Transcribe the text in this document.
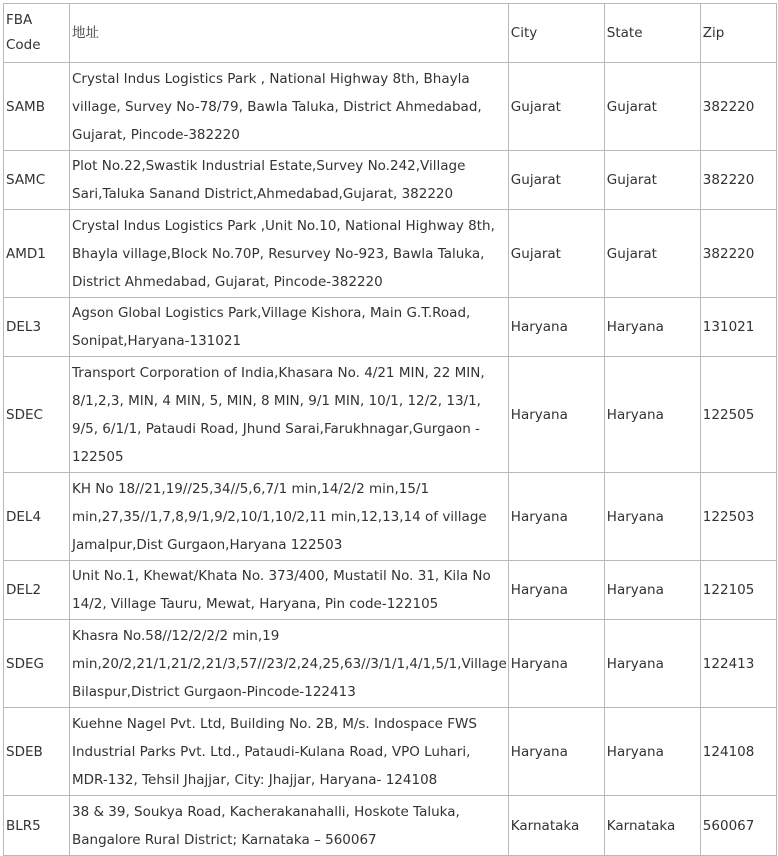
FBA Code	地址	City	State	Zip
SAMB	Crystal Indus Logistics Park , National Highway 8th, Bhayla village, Survey No-78/79, Bawla Taluka, District Ahmedabad, Gujarat, Pincode-382220	Gujarat	Gujarat	382220
SAMC	Plot No.22,Swastik Industrial Estate,Survey No.242,Village Sari,Taluka Sanand District,Ahmedabad,Gujarat, 382220	Gujarat	Gujarat	382220
AMD1	Crystal Indus Logistics Park ,Unit No.10, National Highway 8th, Bhayla village,Block No.70P, Resurvey No-923, Bawla Taluka, District Ahmedabad, Gujarat, Pincode-382220	Gujarat	Gujarat	382220
DEL3	Agson Global Logistics Park,Village Kishora, Main G.T.Road, Sonipat,Haryana-131021	Haryana	Haryana	131021
SDEC	Transport Corporation of India,Khasara No. 4/21 MIN, 22 MIN, 8/1,2,3, MIN, 4 MIN, 5, MIN, 8 MIN, 9/1 MIN, 10/1, 12/2, 13/1, 9/5, 6/1/1, Pataudi Road, Jhund Sarai,Farukhnagar,Gurgaon - 122505	Haryana	Haryana	122505
DEL4	KH No 18//21,19//25,34//5,6,7/1 min,14/2/2 min,15/1 min,27,35//1,7,8,9/1,9/2,10/1,10/2,11 min,12,13,14 of village Jamalpur,Dist Gurgaon,Haryana 122503	Haryana	Haryana	122503
DEL2	Unit No.1, Khewat/Khata No. 373/400, Mustatil No. 31, Kila No 14/2, Village Tauru, Mewat, Haryana, Pin code-122105	Haryana	Haryana	122105
SDEG	Khasra No.58//12/2/2/2 min,19 min,20/2,21/1,21/2,21/3,57//23/2,24,25,63//3/1/1,4/1,5/1,Village Bilaspur,District Gurgaon-Pincode-122413	Haryana	Haryana	122413
SDEB	Kuehne Nagel Pvt. Ltd, Building No. 2B, M/s. Indospace FWS Industrial Parks Pvt. Ltd., Pataudi-Kulana Road, VPO Luhari, MDR-132, Tehsil Jhajjar, City: Jhajjar, Haryana- 124108	Haryana	Haryana	124108
BLR5	38 & 39, Soukya Road, Kacherakanahalli, Hoskote Taluka, Bangalore Rural District; Karnataka – 560067	Karnataka	Karnataka	560067
